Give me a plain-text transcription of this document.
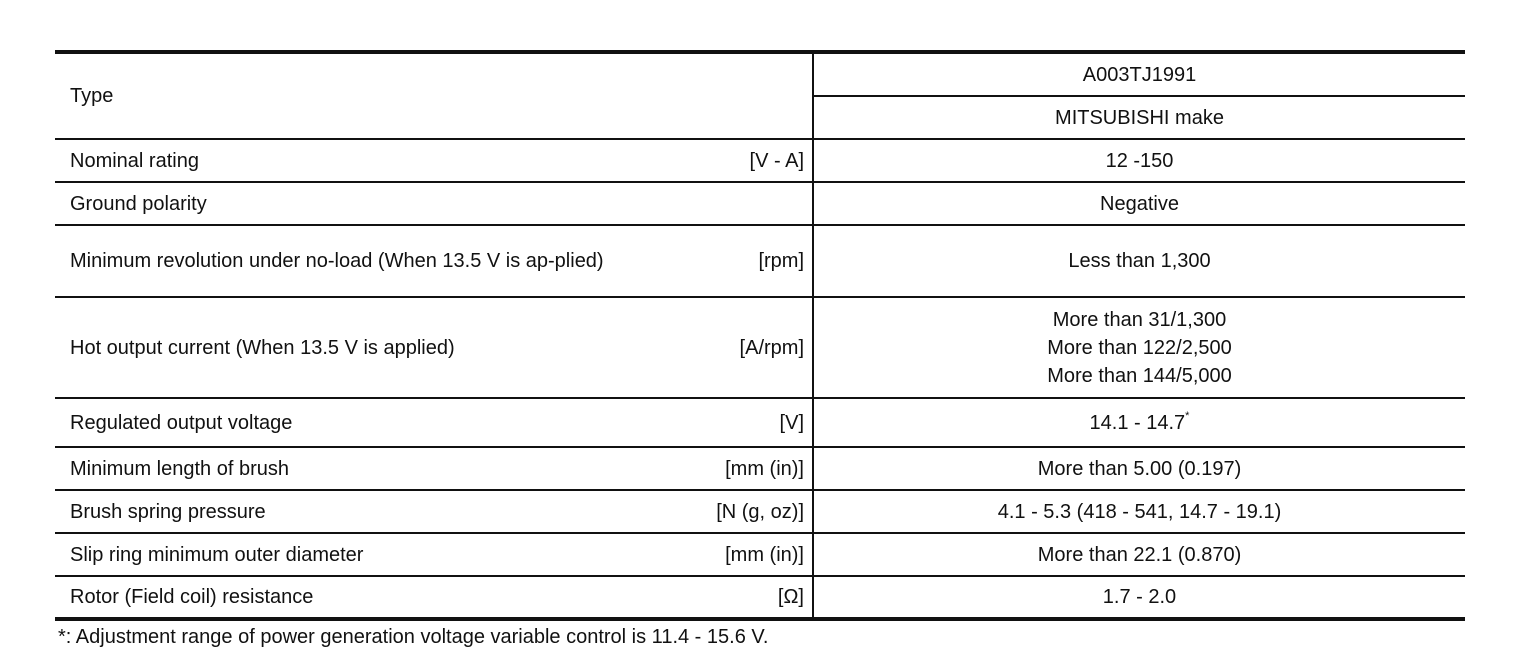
Type	A003TJ1991
	MITSUBISHI make

Nominal rating [V - A]	12 -150

Ground polarity	Negative

Minimum revolution under no-load (When 13.5 V is ap-plied) [rpm]	Less than 1,300

Hot output current (When 13.5 V is applied) [A/rpm]	More than 31/1,300
More than 122/2,500
More than 144/5,000

Regulated output voltage [V]	14.1 - 14.7*

Minimum length of brush [mm (in)]	More than 5.00 (0.197)

Brush spring pressure [N (g, oz)]	4.1 - 5.3 (418 - 541, 14.7 - 19.1)

Slip ring minimum outer diameter [mm (in)]	More than 22.1 (0.870)

Rotor (Field coil) resistance [Ω]	1.7 - 2.0
*: Adjustment range of power generation voltage variable control is 11.4 - 15.6 V.
